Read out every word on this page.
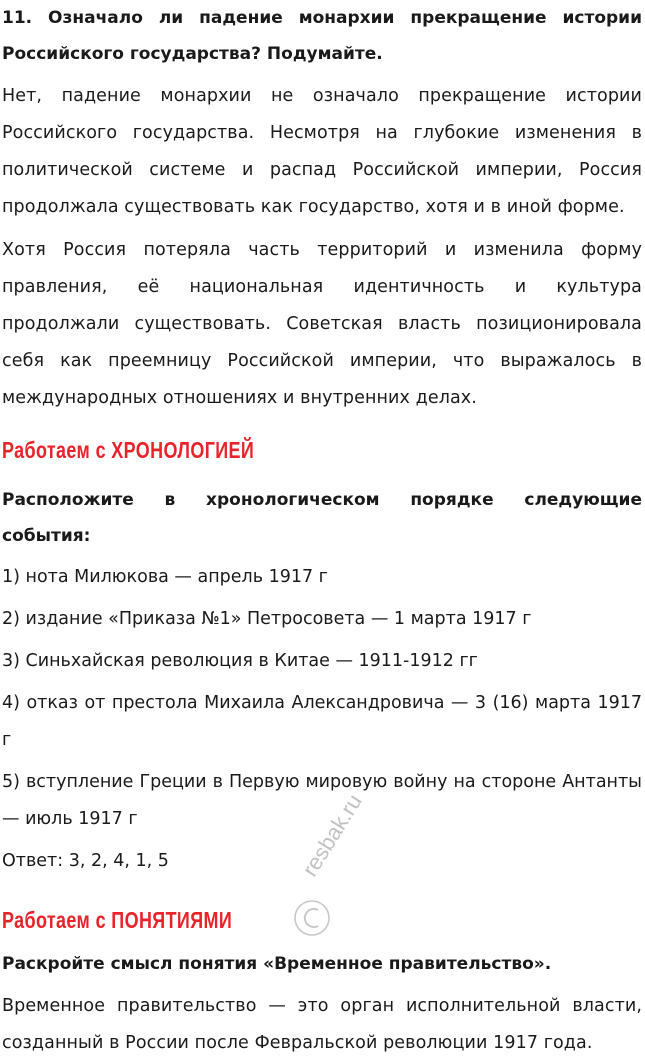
11. Означало ли падение монархии прекращение истории Российского государства? Подумайте.

Нет, падение монархии не означало прекращение истории Российского государства. Несмотря на глубокие изменения в политической системе и распад Российской империи, Россия продолжала существовать как государство, хотя и в иной форме.

Хотя Россия потеряла часть территорий и изменила форму правления, её национальная идентичность и культура продолжали существовать. Советская власть позиционировала себя как преемницу Российской империи, что выражалось в международных отношениях и внутренних делах.

Работаем с ХРОНОЛОГИЕЙ

Расположите в хронологическом порядке следующие события:

1) нота Милюкова — апрель 1917 г
2) издание «Приказа №1» Петросовета — 1 марта 1917 г
3) Синьхайская революция в Китае — 1911-1912 гг
4) отказ от престола Михаила Александровича — 3 (16) марта 1917 г
5) вступление Греции в Первую мировую войну на стороне Антанты — июль 1917 г
Ответ: 3, 2, 4, 1, 5
Работаем с ПОНЯТИЯМИ

Раскройте смысл понятия «Временное правительство».

Временное правительство — это орган исполнительной власти, созданный в России после Февральской революции 1917 года.

resbak.ru
